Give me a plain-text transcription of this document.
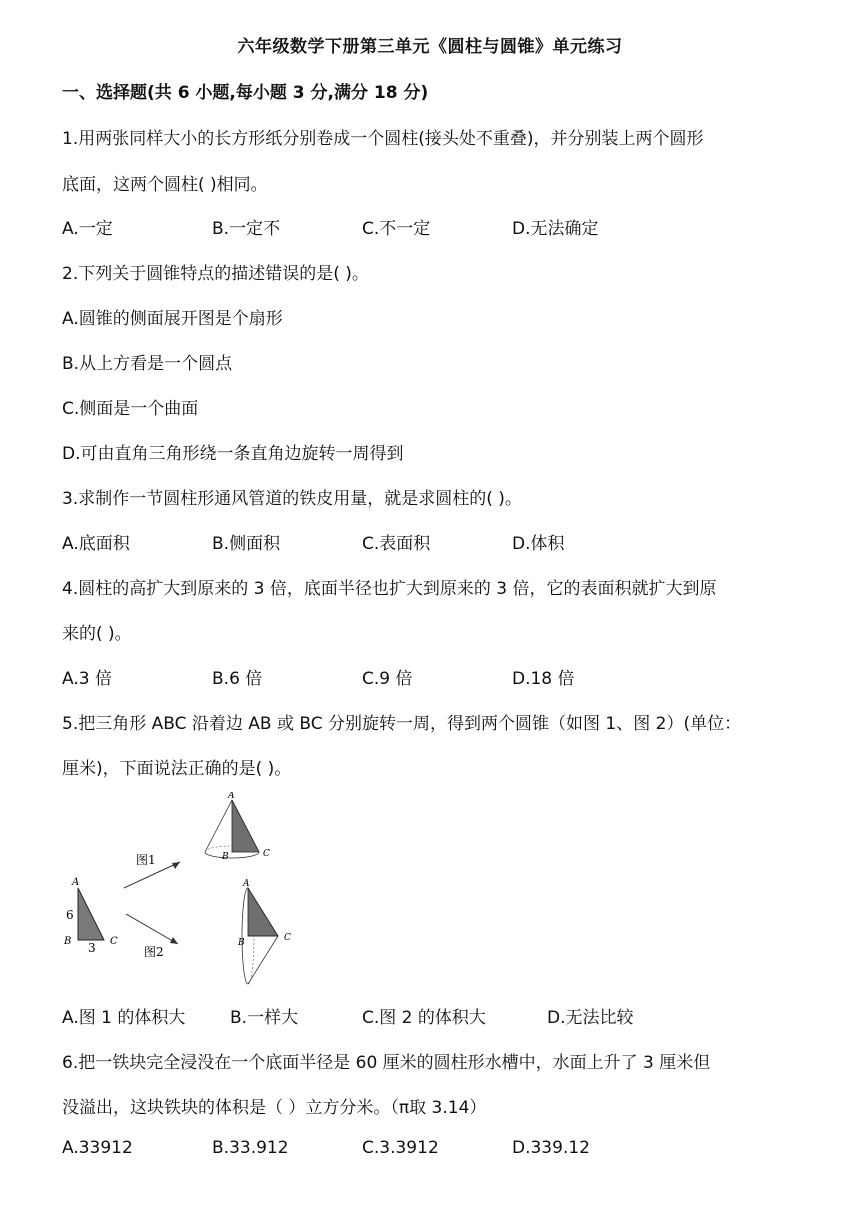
六年级数学下册第三单元《圆柱与圆锥》单元练习
一、选择题(共 6 小题,每小题 3 分,满分 18 分)
1.用两张同样大小的长方形纸分别卷成一个圆柱(接头处不重叠)，并分别装上两个圆形
底面，这两个圆柱( )相同。
A.一定	B.一定不	C.不一定	D.无法确定
2.下列关于圆锥特点的描述错误的是( )。
A.圆锥的侧面展开图是个扇形
B.从上方看是一个圆点
C.侧面是一个曲面
D.可由直角三角形绕一条直角边旋转一周得到
3.求制作一节圆柱形通风管道的铁皮用量，就是求圆柱的( )。
A.底面积	B.侧面积	C.表面积	D.体积
4.圆柱的高扩大到原来的 3 倍，底面半径也扩大到原来的 3 倍，它的表面积就扩大到原
来的( )。
A.3 倍	B.6 倍	C.9 倍	D.18 倍
5.把三角形 ABC 沿着边 AB 或 BC 分别旋转一周，得到两个圆锥（如图 1、图 2）(单位：
厘米)，下面说法正确的是( )。
A
B	C
6
3
图1
图2
A
B	C
A
B	C
A.图 1 的体积大	B.一样大	C.图 2 的体积大	D.无法比较
6.把一铁块完全浸没在一个底面半径是 60 厘米的圆柱形水槽中，水面上升了 3 厘米但
没溢出，这块铁块的体积是（ ）立方分米。（π取 3.14）
A.33912	B.33.912	C.3.3912	D.339.12
